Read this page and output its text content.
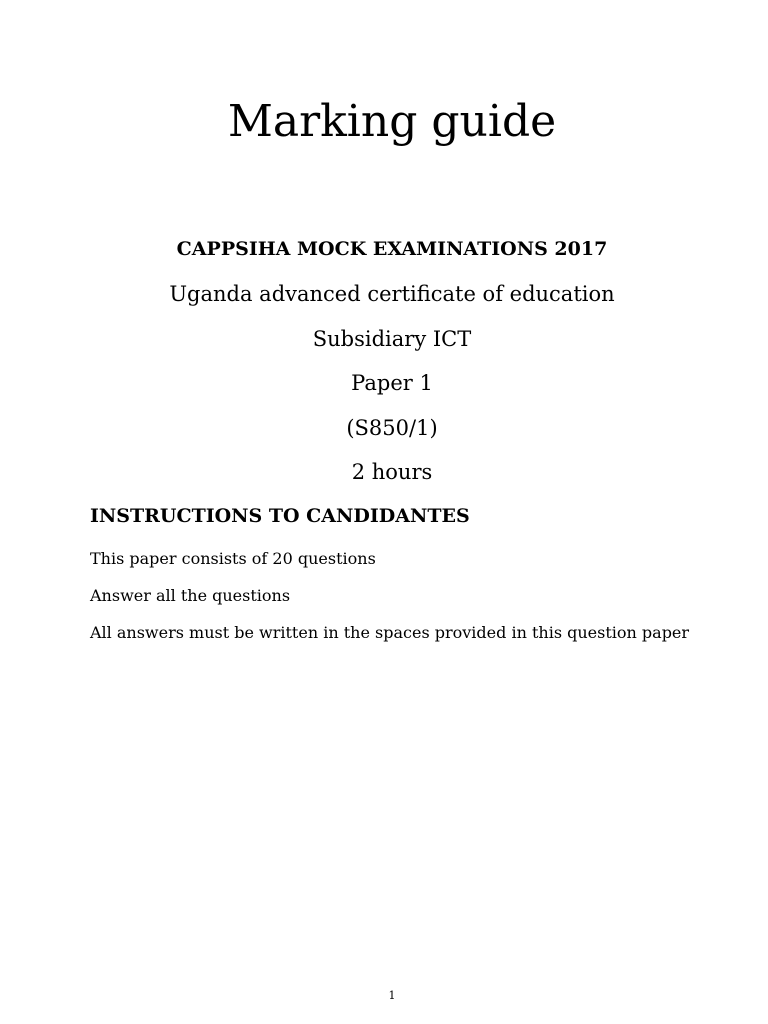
Marking guide
CAPPSIHA MOCK EXAMINATIONS 2017
Uganda advanced certificate of education
Subsidiary ICT
Paper 1
(S850/1)
2 hours
INSTRUCTIONS TO CANDIDANTES
This paper consists of 20 questions
Answer all the questions
All answers must be written in the spaces provided in this question paper
1
